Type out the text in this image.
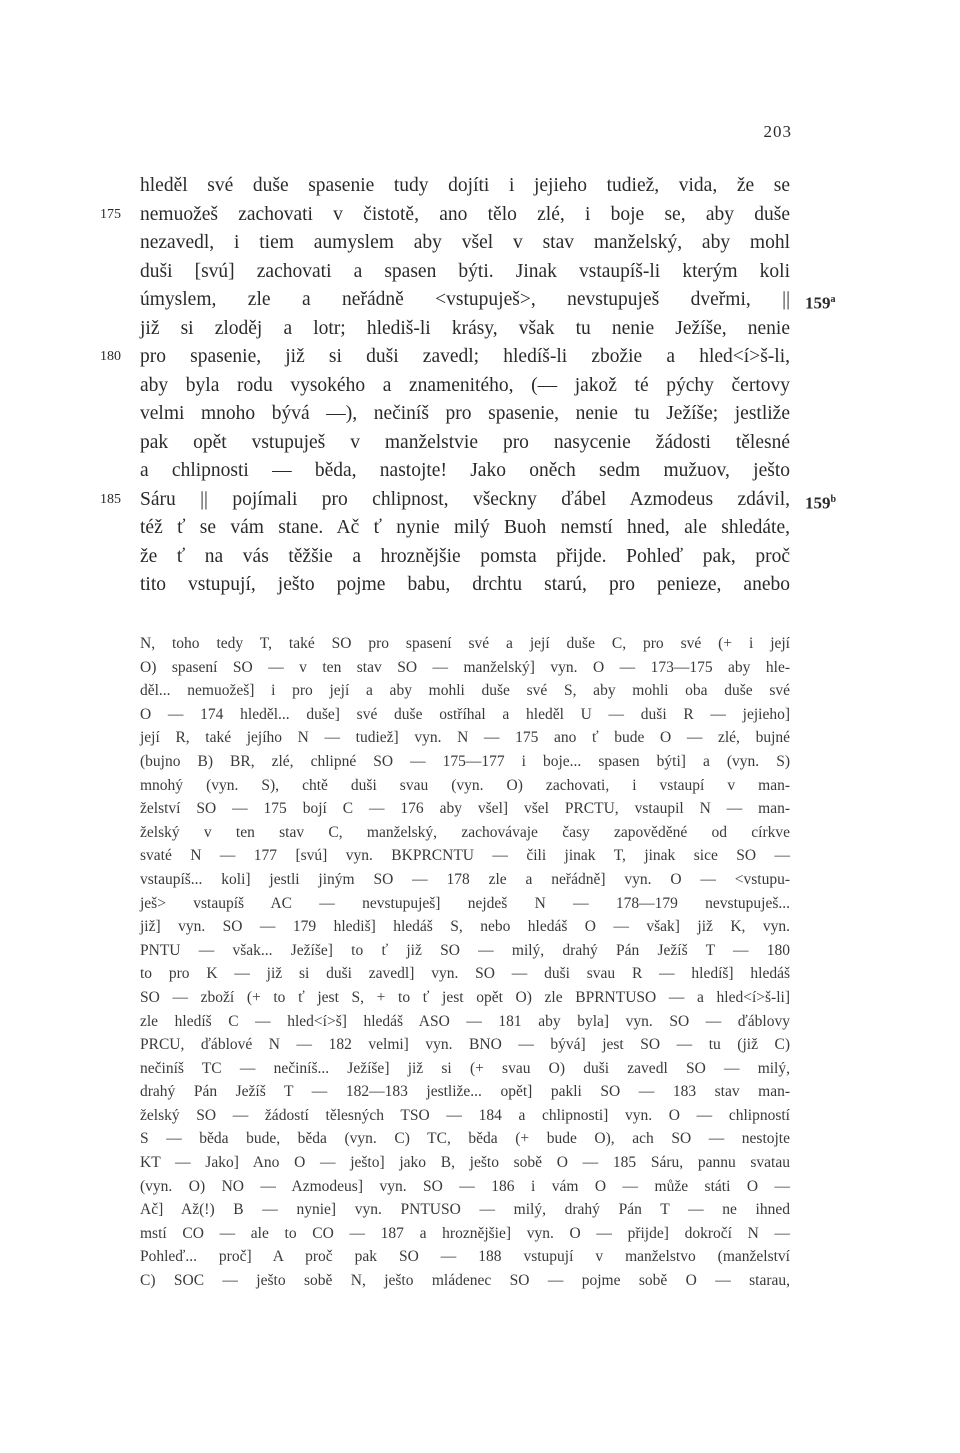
203
hleděl své duše spasenie tudy dojíti i jejieho tudiež, vida, že se
175 nemuožeš zachovati v čistotě, ano tělo zlé, i boje se, aby duše
nezavedl, i tiem aumyslem aby všel v stav manželský, aby mohl
duši [svú] zachovati a spasen býti. Jinak vstaupíš-li kterým koli
úmyslem, zle a neřádně <vstupuješ>, nevstupuješ dveřmi, || 159$^a$
již si zloděj a lotr; hlediš-li krásy, však tu nenie Ježíše, nenie
180 pro spasenie, již si duši zavedl; hledíš-li zbožie a hled<í>š-li,
aby byla rodu vysokého a znamenitého, (— jakož té pýchy čertovy
velmi mnoho bývá —), nečiníš pro spasenie, nenie tu Ježíše; jestliže
pak opět vstupuješ v manželstvie pro nasycenie žádosti tělesné
a chlipnosti — běda, nastojte! Jako oněch sedm mužuov, ješto
185 Sáru || pojímali pro chlipnost, všeckny ďábel Azmodeus zdávil, 159$^b$
též ť se vám stane. Ač ť nynie milý Buoh nemstí hned, ale shledáte,
že ť na vás těžšie a hroznějšie pomsta přijde. Pohleď pak, proč
tito vstupují, ješto pojme babu, drchtu starú, pro penieze, anebo
N, toho tedy T, také SO pro spasení své a její duše C, pro své (+ i její
O) spasení SO — v ten stav SO — manželský] vyn. O — 173—175 aby hle-
děl... nemuožeš] i pro její a aby mohli duše své S, aby mohli oba duše své
O — 174 hleděl... duše] své duše ostříhal a hleděl U — duši R — jejieho]
její R, také jejího N — tudiež] vyn. N — 175 ano ť bude O — zlé, bujné
(bujno B) BR, zlé, chlipné SO — 175—177 i boje... spasen býti] a (vyn. S)
mnohý (vyn. S), chtě duši svau (vyn. O) zachovati, i vstaupí v man-
želství SO — 175 bojí C — 176 aby všel] všel PRCTU, vstaupil N — man-
želský v ten stav C, manželský, zachovávaje časy zapověděné od církve
svaté N — 177 [svú] vyn. BKPRCNTU — čili jinak T, jinak sice SO —
vstaupíš... koli] jestli jiným SO — 178 zle a neřádně] vyn. O — <vstupu-
ješ> vstaupíš AC — nevstupuješ] nejdeš N — 178—179 nevstupuješ...
již] vyn. SO — 179 hlediš] hledáš S, nebo hledáš O — však] již K, vyn.
PNTU — však... Ježíše] to ť již SO — milý, drahý Pán Ježíš T — 180
to pro K — již si duši zavedl] vyn. SO — duši svau R — hledíš] hledáš
SO — zboží (+ to ť jest S, + to ť jest opět O) zle BPRNTUSO — a hled<í>š-li]
zle hledíš C — hled<í>š] hledáš ASO — 181 aby byla] vyn. SO — ďáblovy
PRCU, ďáblové N — 182 velmi] vyn. BNO — bývá] jest SO — tu (již C)
nečiníš TC — nečiníš... Ježíše] již si (+ svau O) duši zavedl SO — milý,
drahý Pán Ježíš T — 182—183 jestliže... opět] pakli SO — 183 stav man-
želský SO — žádostí tělesných TSO — 184 a chlipnosti] vyn. O — chlipností
S — běda bude, běda (vyn. C) TC, běda (+ bude O), ach SO — nestojte
KT — Jako] Ano O — ješto] jako B, ješto sobě O — 185 Sáru, pannu svatau
(vyn. O) NO — Azmodeus] vyn. SO — 186 i vám O — může státi O —
Ač] Až(!) B — nynie] vyn. PNTUSO — milý, drahý Pán T — ne ihned
mstí CO — ale to CO — 187 a hroznějšie] vyn. O — přijde] dokročí N —
Pohleď... proč] A proč pak SO — 188 vstupují v manželstvo (manželství
C) SOC — ješto sobě N, ješto mládenec SO — pojme sobě O — starau,
